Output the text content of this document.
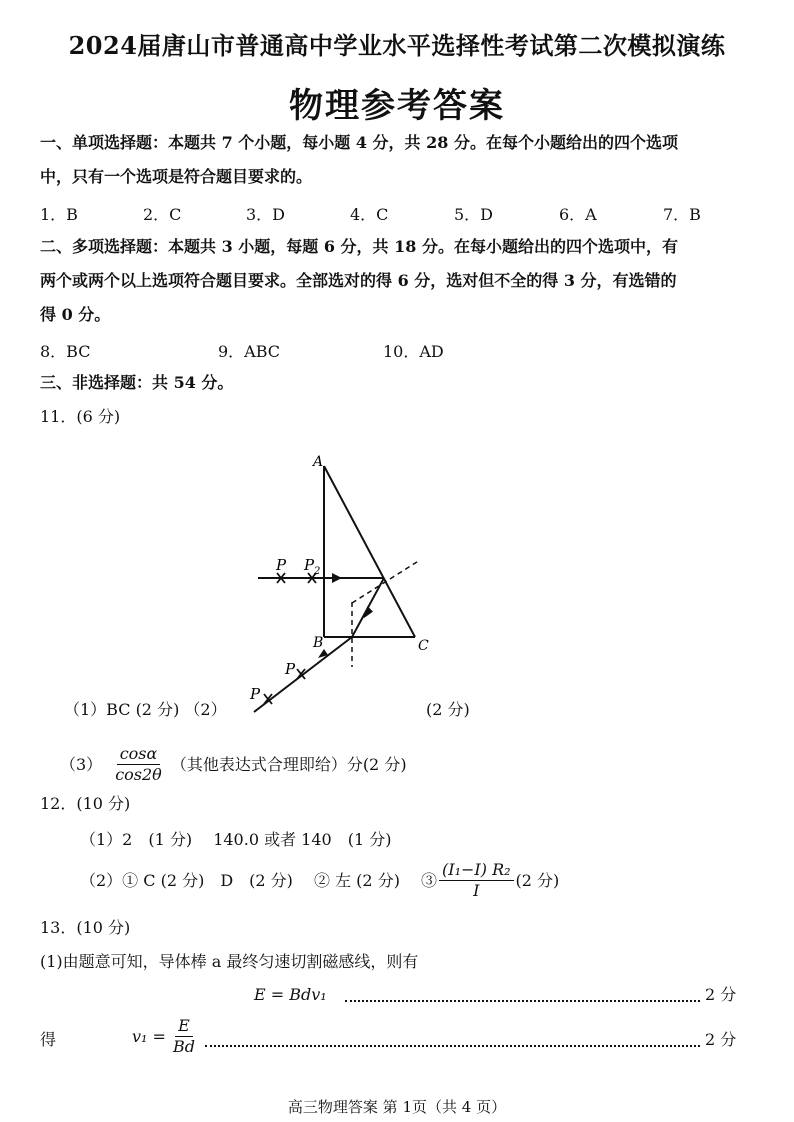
2024届唐山市普通高中学业水平选择性考试第二次模拟演练
物理参考答案
一、单项选择题：本题共 7 个小题，每小题 4 分，共 28 分。在每个小题给出的四个选项
中，只有一个选项是符合题目要求的。
1．B	2．C	3．D	4．C	5．D	6．A	7．B
二、多项选择题：本题共 3 小题，每题 6 分，共 18 分。在每小题给出的四个选项中，有
两个或两个以上选项符合题目要求。全部选对的得 6 分，选对但不全的得 3 分，有选错的
得 0 分。
8．BC	9．ABC	10．AD
三、非选择题：共 54 分。
11．(6 分)
A
B	C
P P 2
P
P
（1）BC (2 分) （2）	(2 分)
$(3) \frac{\cos\alpha}{\cos 2\theta}$ （其他表达式合理即给）分(2 分)
12．(10 分)
（1）2　(1 分)　 140.0 或者 140　(1 分)
（2）① C (2 分)　D　(2 分)　 ② 左 (2 分)　 ③ $\frac{\text{(I₁−I) R₂}}{I} (2$ 分)
13．(10 分)
(1)由题意可知，导体棒 a 最终匀速切割磁感线，则有
E = Bdv₁	2 分
得	$v_1 = \frac{E}{Bd}$	2 分
高三物理答案 第 1页（共 4 页）
